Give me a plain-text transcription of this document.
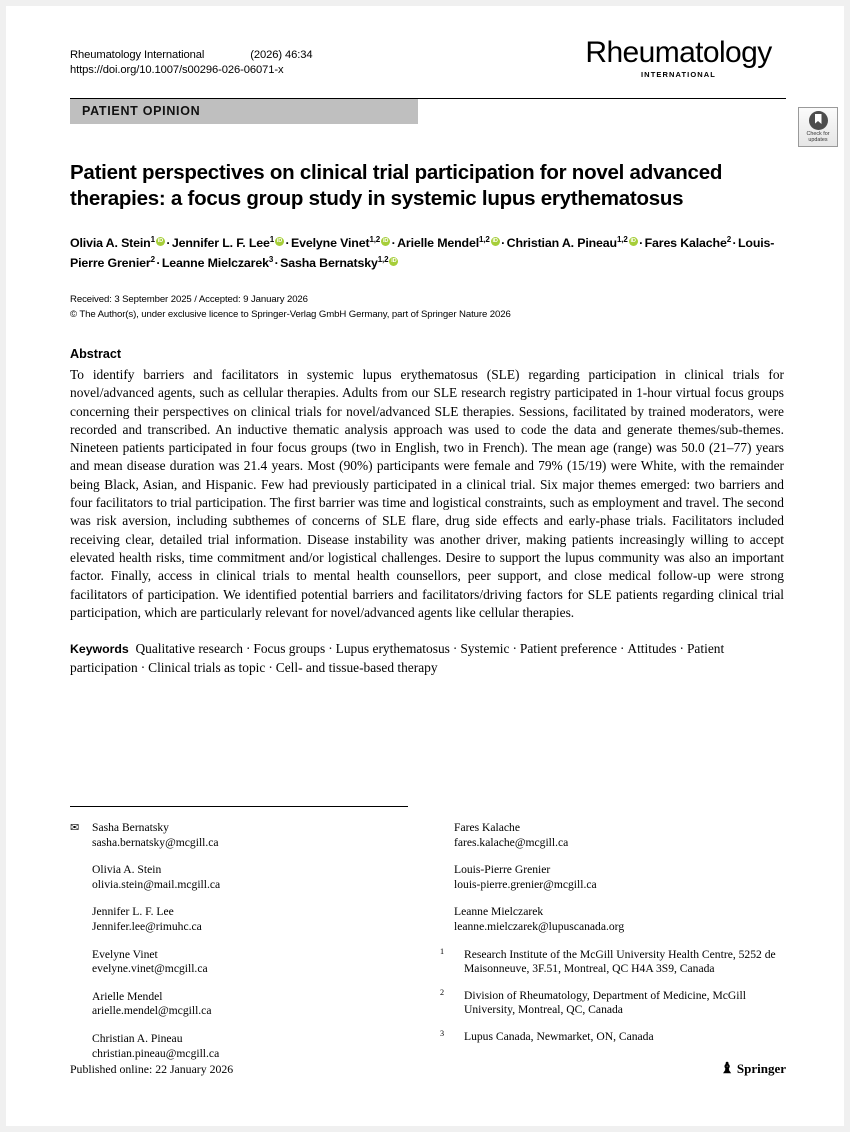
Rheumatology International	(2026) 46:34
https://doi.org/10.1007/s00296-026-06071-x
Rheumatology
INTERNATIONAL
PATIENT OPINION
Patient perspectives on clinical trial participation for novel advanced therapies: a focus group study in systemic lupus erythematosus
Olivia A. Stein$^1$ iD · Jennifer L. F. Lee$^1$ iD · Evelyne Vinet$^{1,2}$ iD · Arielle Mendel$^{1,2}$ iD · Christian A. Pineau$^{1,2}$iD · Fares Kalache$^2$ · Louis-Pierre Grenier$^2$ · Leanne Mielczarek$^3$ · Sasha Bernatsky$^{1,2}$iD
Received: 3 September 2025 / Accepted: 9 January 2026
© The Author(s), under exclusive licence to Springer-Verlag GmbH Germany, part of Springer Nature 2026
Abstract
To identify barriers and facilitators in systemic lupus erythematosus (SLE) regarding participation in clinical trials for novel/advanced agents, such as cellular therapies. Adults from our SLE research registry participated in 1-hour virtual focus groups concerning their perspectives on clinical trials for novel/advanced SLE therapies. Sessions, facilitated by trained moderators, were recorded and transcribed. An inductive thematic analysis approach was used to code the data and generate themes/sub-themes. Nineteen patients participated in four focus groups (two in English, two in French). The mean age (range) was 50.0 (21–77) years and mean disease duration was 21.4 years. Most (90%) participants were female and 79% (15/19) were White, with the remainder being Black, Asian, and Hispanic. Few had previously participated in a clinical trial. Six major themes emerged: two barriers and four facilitators to trial participation. The first barrier was time and logistical constraints, such as employment and travel. The second was risk aversion, including subthemes of concerns of SLE flare, drug side effects and early-phase trials. Facilitators included receiving clear, detailed trial information. Disease instability was another driver, making patients increasingly willing to accept elevated health risks, time commitment and/or logistical challenges. Desire to support the lupus community was also an important factor. Finally, access in clinical trials to mental health counsellors, peer support, and close medical follow-up were strong facilitators of participation. We identified potential barriers and facilitators/driving factors for SLE patients regarding clinical trial participation, which are particularly relevant for novel/advanced agents like cellular therapies.
Keywords Qualitative research · Focus groups · Lupus erythematosus · Systemic · Patient preference · Attitudes · Patient participation · Clinical trials as topic · Cell- and tissue-based therapy
Check for
updates
✉ Sasha Bernatsky
sasha.bernatsky@mcgill.ca
Olivia A. Stein
olivia.stein@mail.mcgill.ca
Jennifer L. F. Lee
Jennifer.lee@rimuhc.ca
Evelyne Vinet
evelyne.vinet@mcgill.ca
Arielle Mendel
arielle.mendel@mcgill.ca
Christian A. Pineau
christian.pineau@mcgill.ca
Fares Kalache
fares.kalache@mcgill.ca
Louis-Pierre Grenier
louis-pierre.grenier@mcgill.ca
Leanne Mielczarek
leanne.mielczarek@lupuscanada.org
1 Research Institute of the McGill University Health Centre, 5252 de Maisonneuve, 3F.51, Montreal, QC H4A 3S9, Canada
2 Division of Rheumatology, Department of Medicine, McGill University, Montreal, QC, Canada
3 Lupus Canada, Newmarket, ON, Canada
Published online: 22 January 2026	♝ Springer
